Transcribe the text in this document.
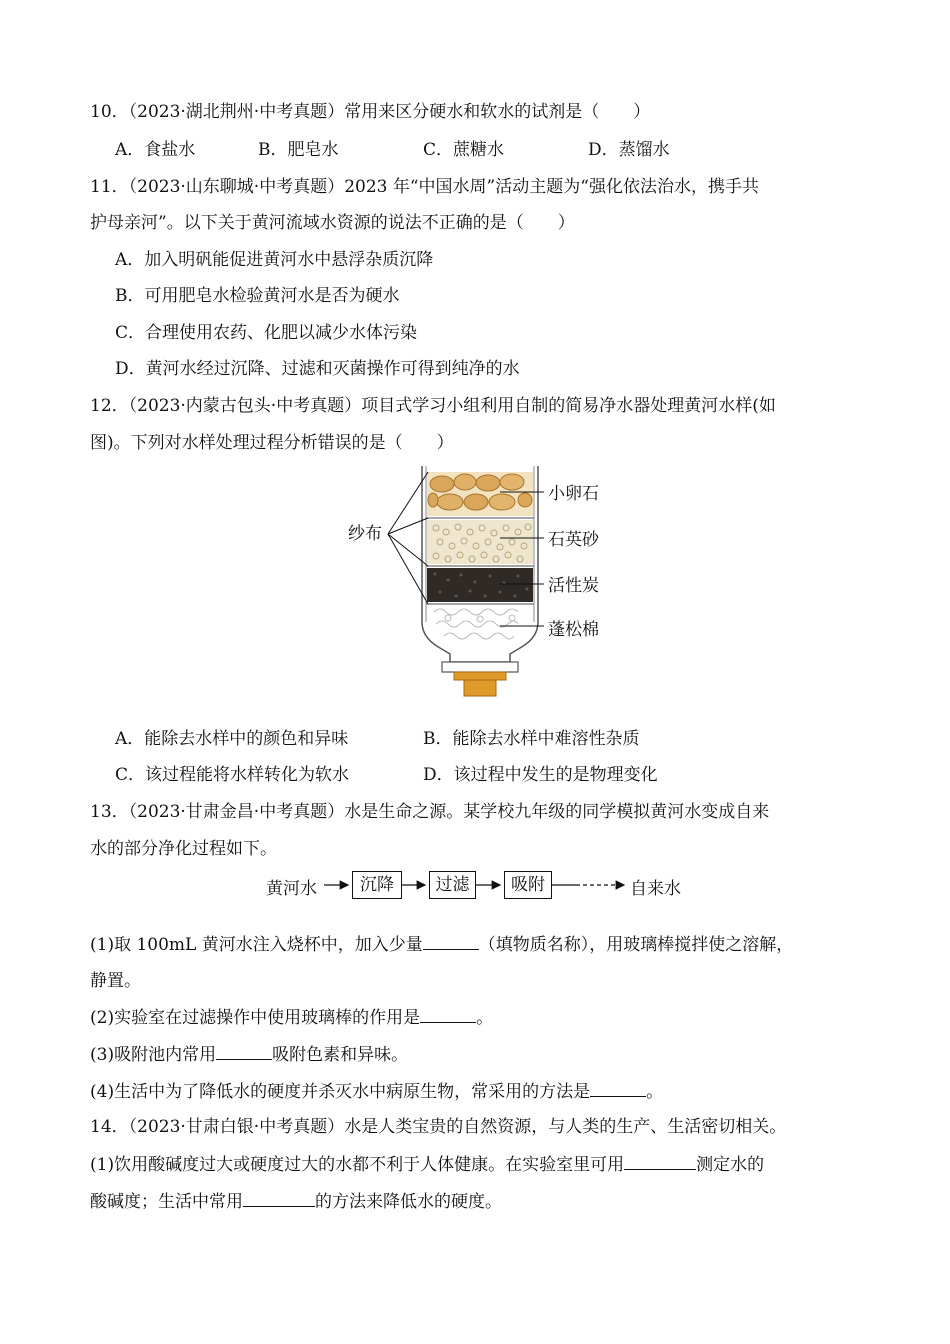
10．（2023·湖北荆州·中考真题）常用来区分硬水和软水的试剂是（　　）
A．食盐水	B．肥皂水	C．蔗糖水	D．蒸馏水
11．（2023·山东聊城·中考真题）2023 年“中国水周”活动主题为“强化依法治水，携手共
护母亲河”。以下关于黄河流域水资源的说法不正确的是（　　）
A．加入明矾能促进黄河水中悬浮杂质沉降
B．可用肥皂水检验黄河水是否为硬水
C．合理使用农药、化肥以减少水体污染
D．黄河水经过沉降、过滤和灭菌操作可得到纯净的水
12．（2023·内蒙古包头·中考真题）项目式学习小组利用自制的简易净水器处理黄河水样(如
图)。下列对水样处理过程分析错误的是（　　）
纱布
小卵石
石英砂
活性炭
蓬松棉
A．能除去水样中的颜色和异味	B．能除去水样中难溶性杂质
C．该过程能将水样转化为软水	D．该过程中发生的是物理变化
13．（2023·甘肃金昌·中考真题）水是生命之源。某学校九年级的同学模拟黄河水变成自来
水的部分净化过程如下。
黄河水	沉降	过滤	吸附	自来水
(1)取 100mL 黄河水注入烧杯中，加入少量	（填物质名称），用玻璃棒搅拌使之溶解，
静置。
(2)实验室在过滤操作中使用玻璃棒的作用是	。
(3)吸附池内常用	吸附色素和异味。
(4)生活中为了降低水的硬度并杀灭水中病原生物，常采用的方法是	。
14．（2023·甘肃白银·中考真题）水是人类宝贵的自然资源，与人类的生产、生活密切相关。
(1)饮用酸碱度过大或硬度过大的水都不利于人体健康。在实验室里可用	测定水的
酸碱度；生活中常用	的方法来降低水的硬度。
